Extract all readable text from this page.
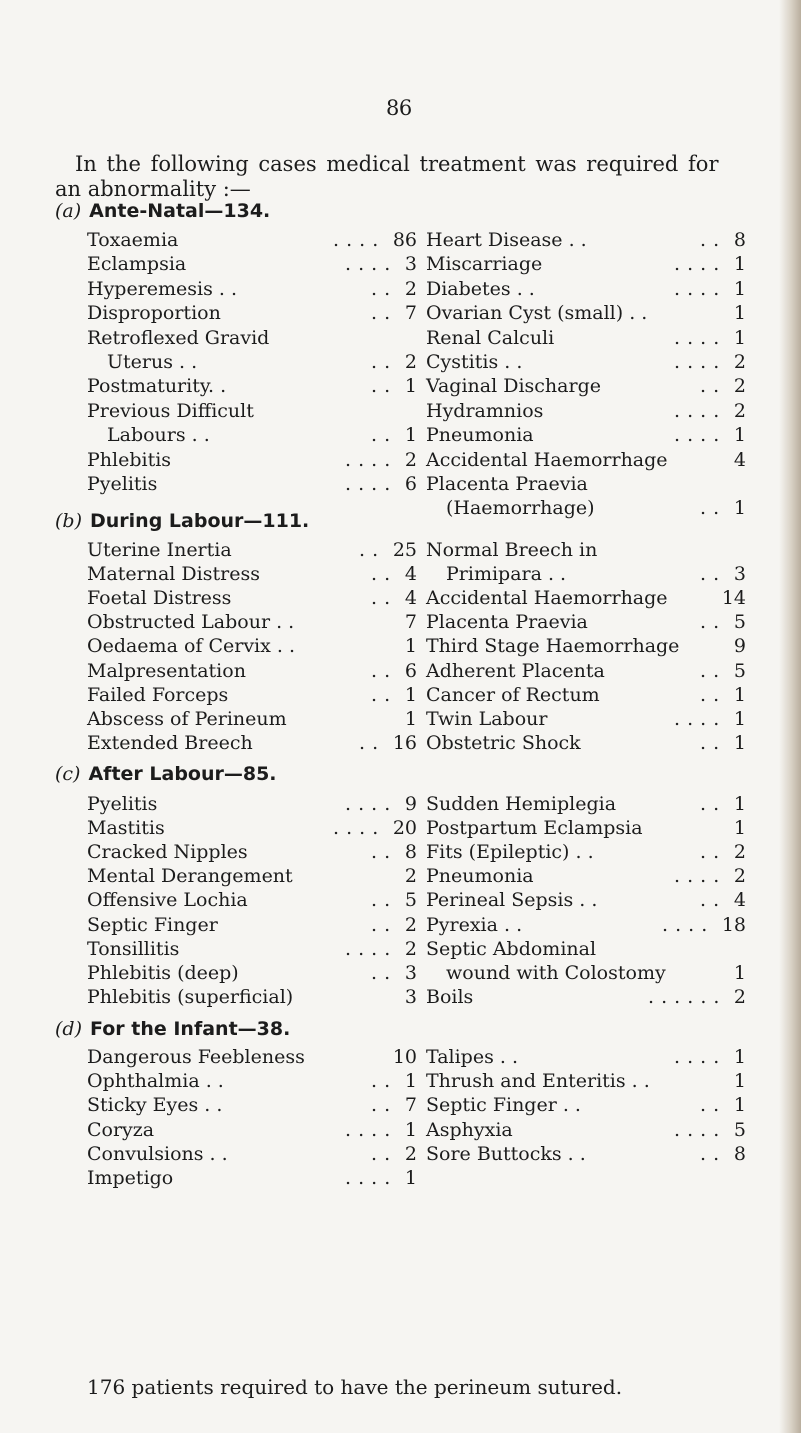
86
In the following cases medical treatment was required for
an abnormality :—
(a) Ante-Natal—134.
Toxaemia	. . . . 86
Eclampsia	. . . . 3
Hyperemesis . .	. . 2
Disproportion	. . 7
Retroflexed Gravid
Uterus . .	. . 2
Postmaturity. .	. . 1
Previous Difficult
Labours . .	. . 1
Phlebitis	. . . . 2
Pyelitis	. . . . 6
Heart Disease . .	. . 8
Miscarriage	. . . . 1
Diabetes . .	. . . . 1
Ovarian Cyst (small) . .	1
Renal Calculi	. . . . 1
Cystitis . .	. . . . 2
Vaginal Discharge	. . 2
Hydramnios	. . . . 2
Pneumonia	. . . . 1
Accidental Haemorrhage	4
Placenta Praevia
(Haemorrhage)	. . 1
(b) During Labour—111.
Uterine Inertia	. . 25
Maternal Distress	. . 4
Foetal Distress	. . 4
Obstructed Labour . .	7
Oedaema of Cervix . .	1
Malpresentation	. . 6
Failed Forceps	. . 1
Abscess of Perineum	1
Extended Breech	. . 16
Normal Breech in
Primipara . .	. . 3
Accidental Haemorrhage	14
Placenta Praevia	. . 5
Third Stage Haemorrhage	9
Adherent Placenta	. . 5
Cancer of Rectum	. . 1
Twin Labour	. . . . 1
Obstetric Shock	. . 1
(c) After Labour—85.
Pyelitis	. . . . 9
Mastitis	. . . . 20
Cracked Nipples	. . 8
Mental Derangement	2
Offensive Lochia	. . 5
Septic Finger	. . 2
Tonsillitis	. . . . 2
Phlebitis (deep)	. . 3
Phlebitis (superficial)	3
Sudden Hemiplegia	. . 1
Postpartum Eclampsia	1
Fits (Epileptic) . .	. . 2
Pneumonia	. . . . 2
Perineal Sepsis . .	. . 4
Pyrexia . .	. . . . 18
Septic Abdominal
wound with Colostomy	1
Boils	. . . . . . 2
(d) For the Infant—38.
Dangerous Feebleness	10
Ophthalmia . .	. . 1
Sticky Eyes . .	. . 7
Coryza	. . . . 1
Convulsions . .	. . 2
Impetigo	. . . . 1
Talipes . .	. . . . 1
Thrush and Enteritis . .	1
Septic Finger . .	. . 1
Asphyxia	. . . . 5
Sore Buttocks . .	. . 8
176 patients required to have the perineum sutured.
